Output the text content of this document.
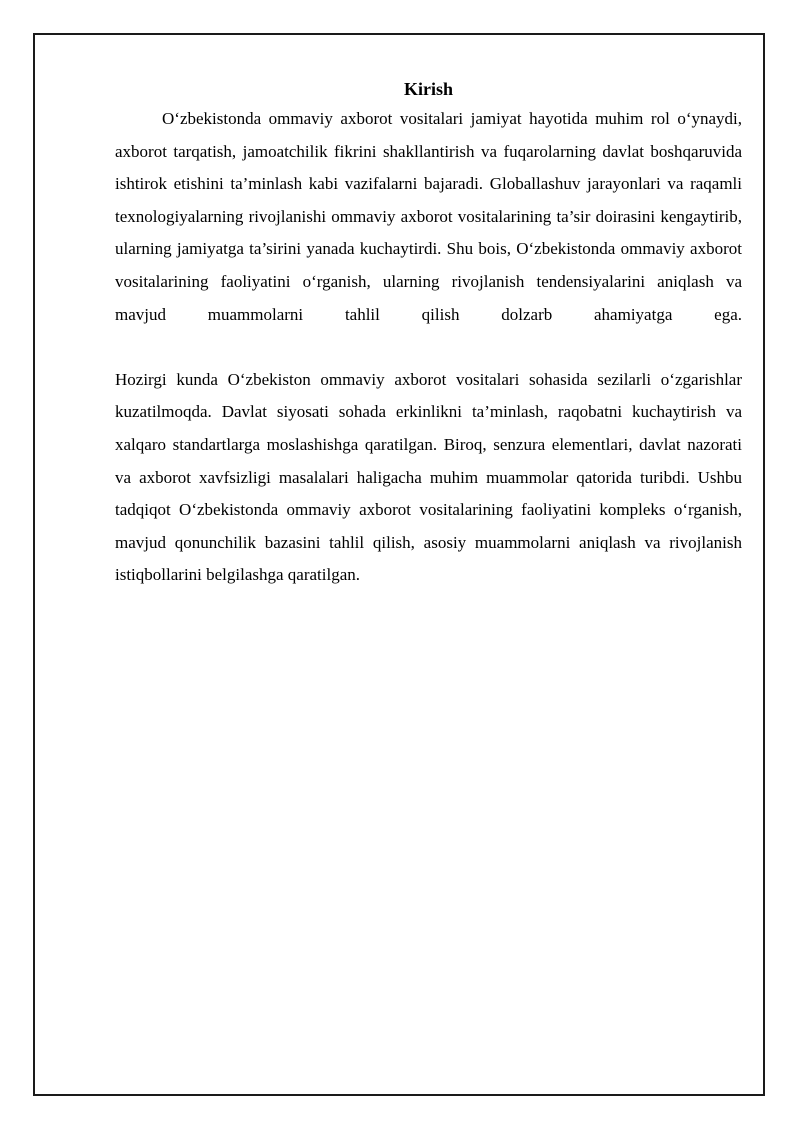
Kirish

O‘zbekistonda ommaviy axborot vositalari jamiyat hayotida muhim rol o‘ynaydi, axborot tarqatish, jamoatchilik fikrini shakllantirish va fuqarolarning davlat boshqaruvida ishtirok etishini ta’minlash kabi vazifalarni bajaradi. Globallashuv jarayonlari va raqamli texnologiyalarning rivojlanishi ommaviy axborot vositalarining ta’sir doirasini kengaytirib, ularning jamiyatga ta’sirini yanada kuchaytirdi. Shu bois, O‘zbekistonda ommaviy axborot vositalarining faoliyatini o‘rganish, ularning rivojlanish tendensiyalarini aniqlash va mavjud muammolarni tahlil qilish dolzarb ahamiyatga ega.

Hozirgi kunda O‘zbekiston ommaviy axborot vositalari sohasida sezilarli o‘zgarishlar kuzatilmoqda. Davlat siyosati sohada erkinlikni ta’minlash, raqobatni kuchaytirish va xalqaro standartlarga moslashishga qaratilgan. Biroq, senzura elementlari, davlat nazorati va axborot xavfsizligi masalalari haligacha muhim muammolar qatorida turibdi. Ushbu tadqiqot O‘zbekistonda ommaviy axborot vositalarining faoliyatini kompleks o‘rganish, mavjud qonunchilik bazasini tahlil qilish, asosiy muammolarni aniqlash va rivojlanish istiqbollarini belgilashga qaratilgan.
